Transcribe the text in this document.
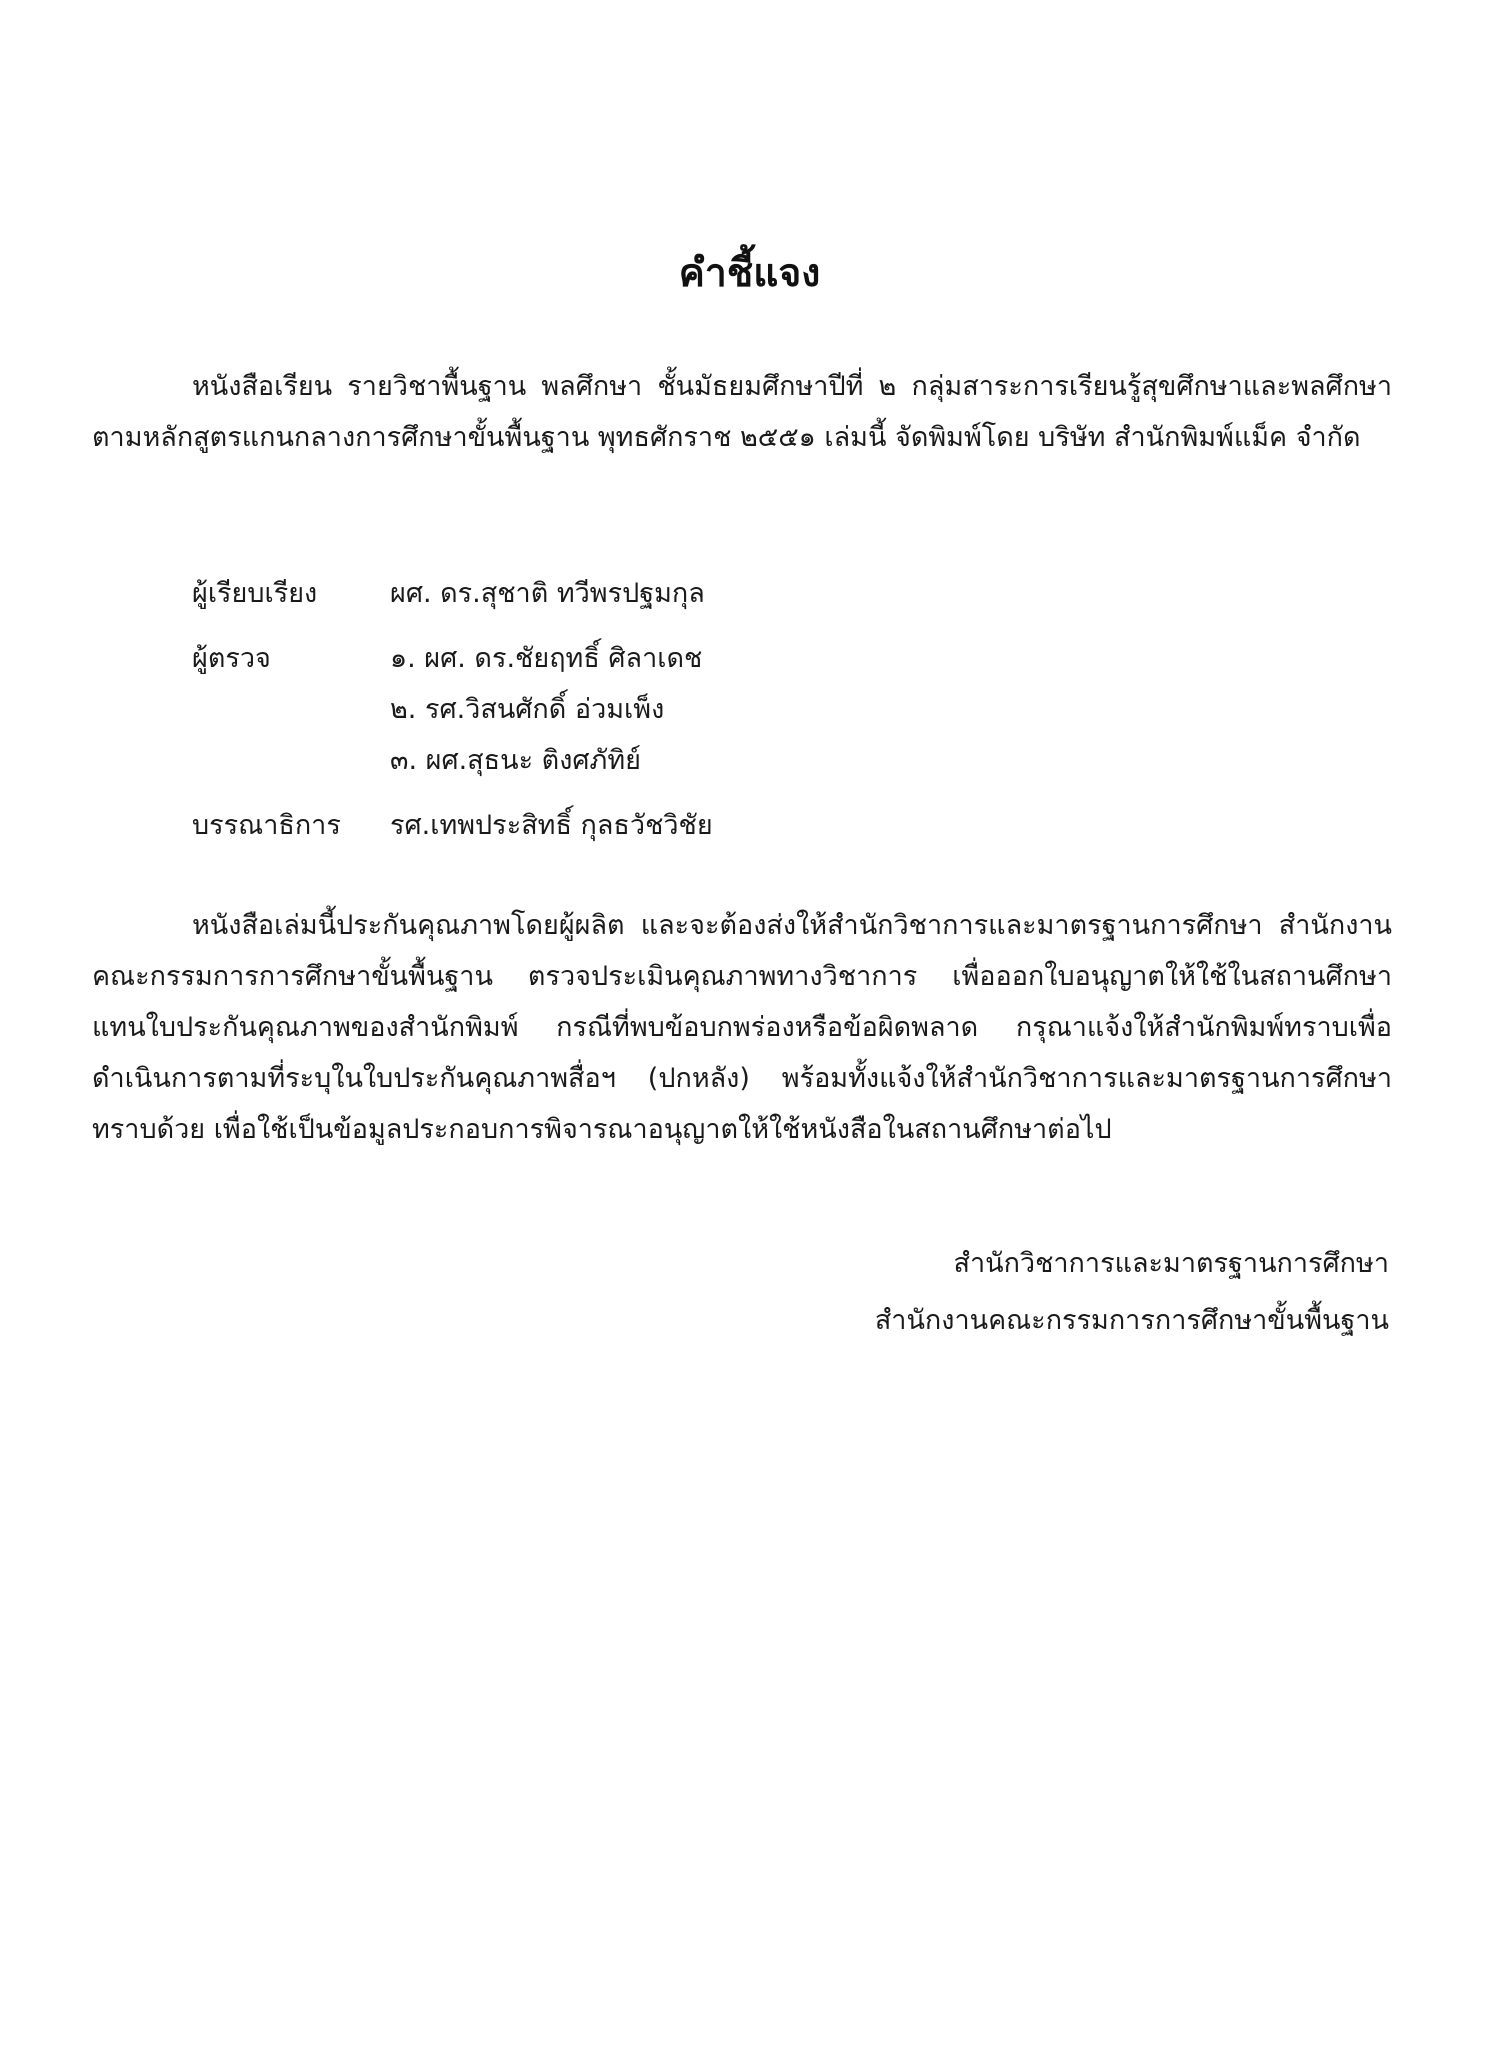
คำชี้แจง
หนังสือเรียน รายวิชาพื้นฐาน พลศึกษา ชั้นมัธยมศึกษาปีที่ ๒ กลุ่มสาระการเรียนรู้สุขศึกษาและพลศึกษา ตามหลักสูตรแกนกลางการศึกษาขั้นพื้นฐาน พุทธศักราช ๒๕๕๑ เล่มนี้ จัดพิมพ์โดย บริษัท สำนักพิมพ์แม็ค จำกัด
ผู้เรียบเรียง	ผศ. ดร.สุชาติ ทวีพรปฐมกุล
ผู้ตรวจ	๑. ผศ. ดร.ชัยฤทธิ์ ศิลาเดช
๒. รศ.วิสนศักดิ์ อ่วมเพ็ง
๓. ผศ.สุธนะ ติงศภัทิย์
บรรณาธิการ	รศ.เทพประสิทธิ์ กุลธวัชวิชัย
หนังสือเล่มนี้ประกันคุณภาพโดยผู้ผลิต และจะต้องส่งให้สำนักวิชาการและมาตรฐานการศึกษา สำนักงานคณะกรรมการการศึกษาขั้นพื้นฐาน ตรวจประเมินคุณภาพทางวิชาการ เพื่อออกใบอนุญาตให้ใช้ในสถานศึกษาแทนใบประกันคุณภาพของสำนักพิมพ์ กรณีที่พบข้อบกพร่องหรือข้อผิดพลาด กรุณาแจ้งให้สำนักพิมพ์ทราบเพื่อดำเนินการตามที่ระบุในใบประกันคุณภาพสื่อฯ (ปกหลัง) พร้อมทั้งแจ้งให้สำนักวิชาการและมาตรฐานการศึกษาทราบด้วย เพื่อใช้เป็นข้อมูลประกอบการพิจารณาอนุญาตให้ใช้หนังสือในสถานศึกษาต่อไป
สำนักวิชาการและมาตรฐานการศึกษา
สำนักงานคณะกรรมการการศึกษาขั้นพื้นฐาน
